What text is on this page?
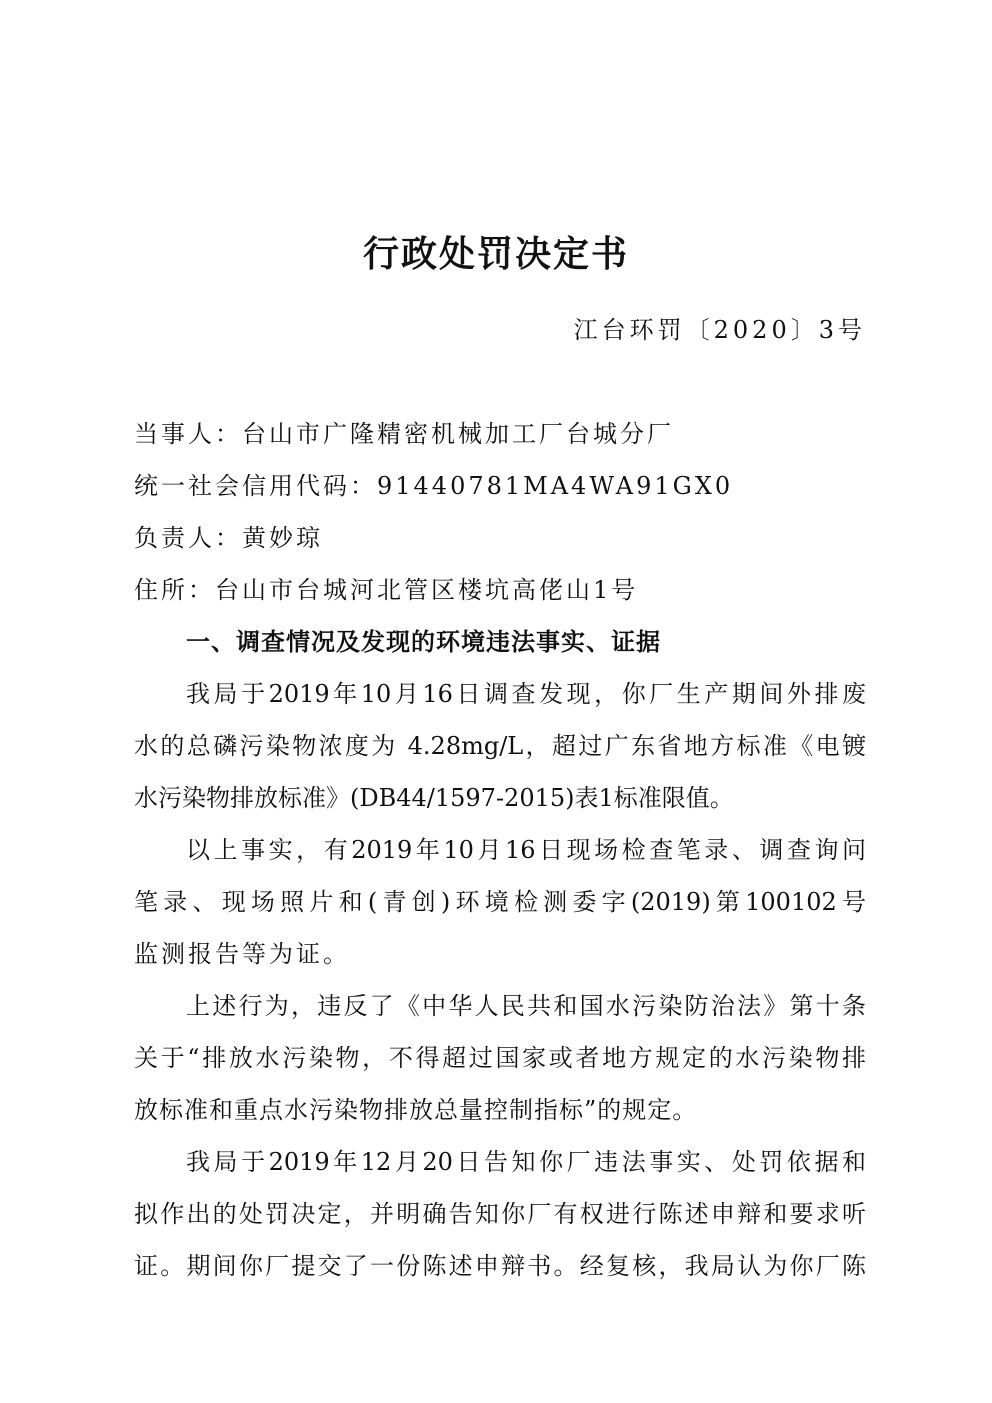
行政处罚决定书
江台环罚〔2020〕3号
当事人：台山市广隆精密机械加工厂台城分厂
统一社会信用代码：91440781MA4WA91GX0
负责人：黄妙琼
住所：台山市台城河北管区楼坑高佬山1号
一、调查情况及发现的环境违法事实、证据
我局于2019年10月16日调查发现，你厂生产期间外排废
水的总磷污染物浓度为 4.28mg/L，超过广东省地方标准《电镀
水污染物排放标准》(DB44/1597-2015)表1标准限值。
以上事实，有2019年10月16日现场检查笔录、调查询问
笔录、现场照片和(青创)环境检测委字(2019)第100102号
监测报告等为证。
上述行为，违反了《中华人民共和国水污染防治法》第十条
关于“排放水污染物，不得超过国家或者地方规定的水污染物排
放标准和重点水污染物排放总量控制指标”的规定。
我局于2019年12月20日告知你厂违法事实、处罚依据和
拟作出的处罚决定，并明确告知你厂有权进行陈述申辩和要求听
证。期间你厂提交了一份陈述申辩书。经复核，我局认为你厂陈
